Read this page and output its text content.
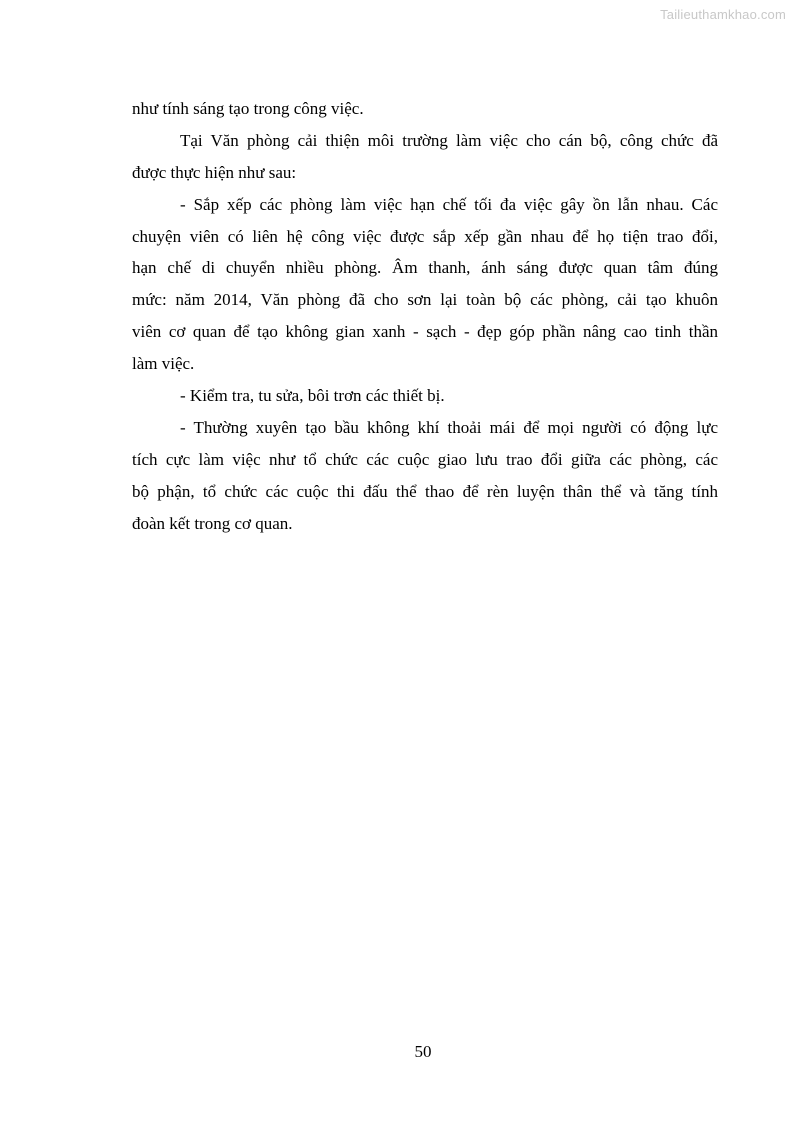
Tailieuthamkhao.com
như tính sáng tạo trong công việc.
Tại Văn phòng cải thiện môi trường làm việc cho cán bộ, công chức đã
được thực hiện như sau:
- Sắp xếp các phòng làm việc hạn chế tối đa việc gây ồn lẫn nhau. Các
chuyện viên có liên hệ công việc được sắp xếp gần nhau để họ tiện trao đổi,
hạn chế di chuyển nhiều phòng. Âm thanh, ánh sáng được quan tâm đúng
mức: năm 2014, Văn phòng đã cho sơn lại toàn bộ các phòng, cải tạo khuôn
viên cơ quan để tạo không gian xanh - sạch - đẹp góp phần nâng cao tinh thần
làm việc.
- Kiểm tra, tu sửa, bôi trơn các thiết bị.
- Thường xuyên tạo bầu không khí thoải mái để mọi người có động lực
tích cực làm việc như tổ chức các cuộc giao lưu trao đổi giữa các phòng, các
bộ phận, tổ chức các cuộc thi đấu thể thao để rèn luyện thân thể và tăng tính
đoàn kết trong cơ quan.
50
